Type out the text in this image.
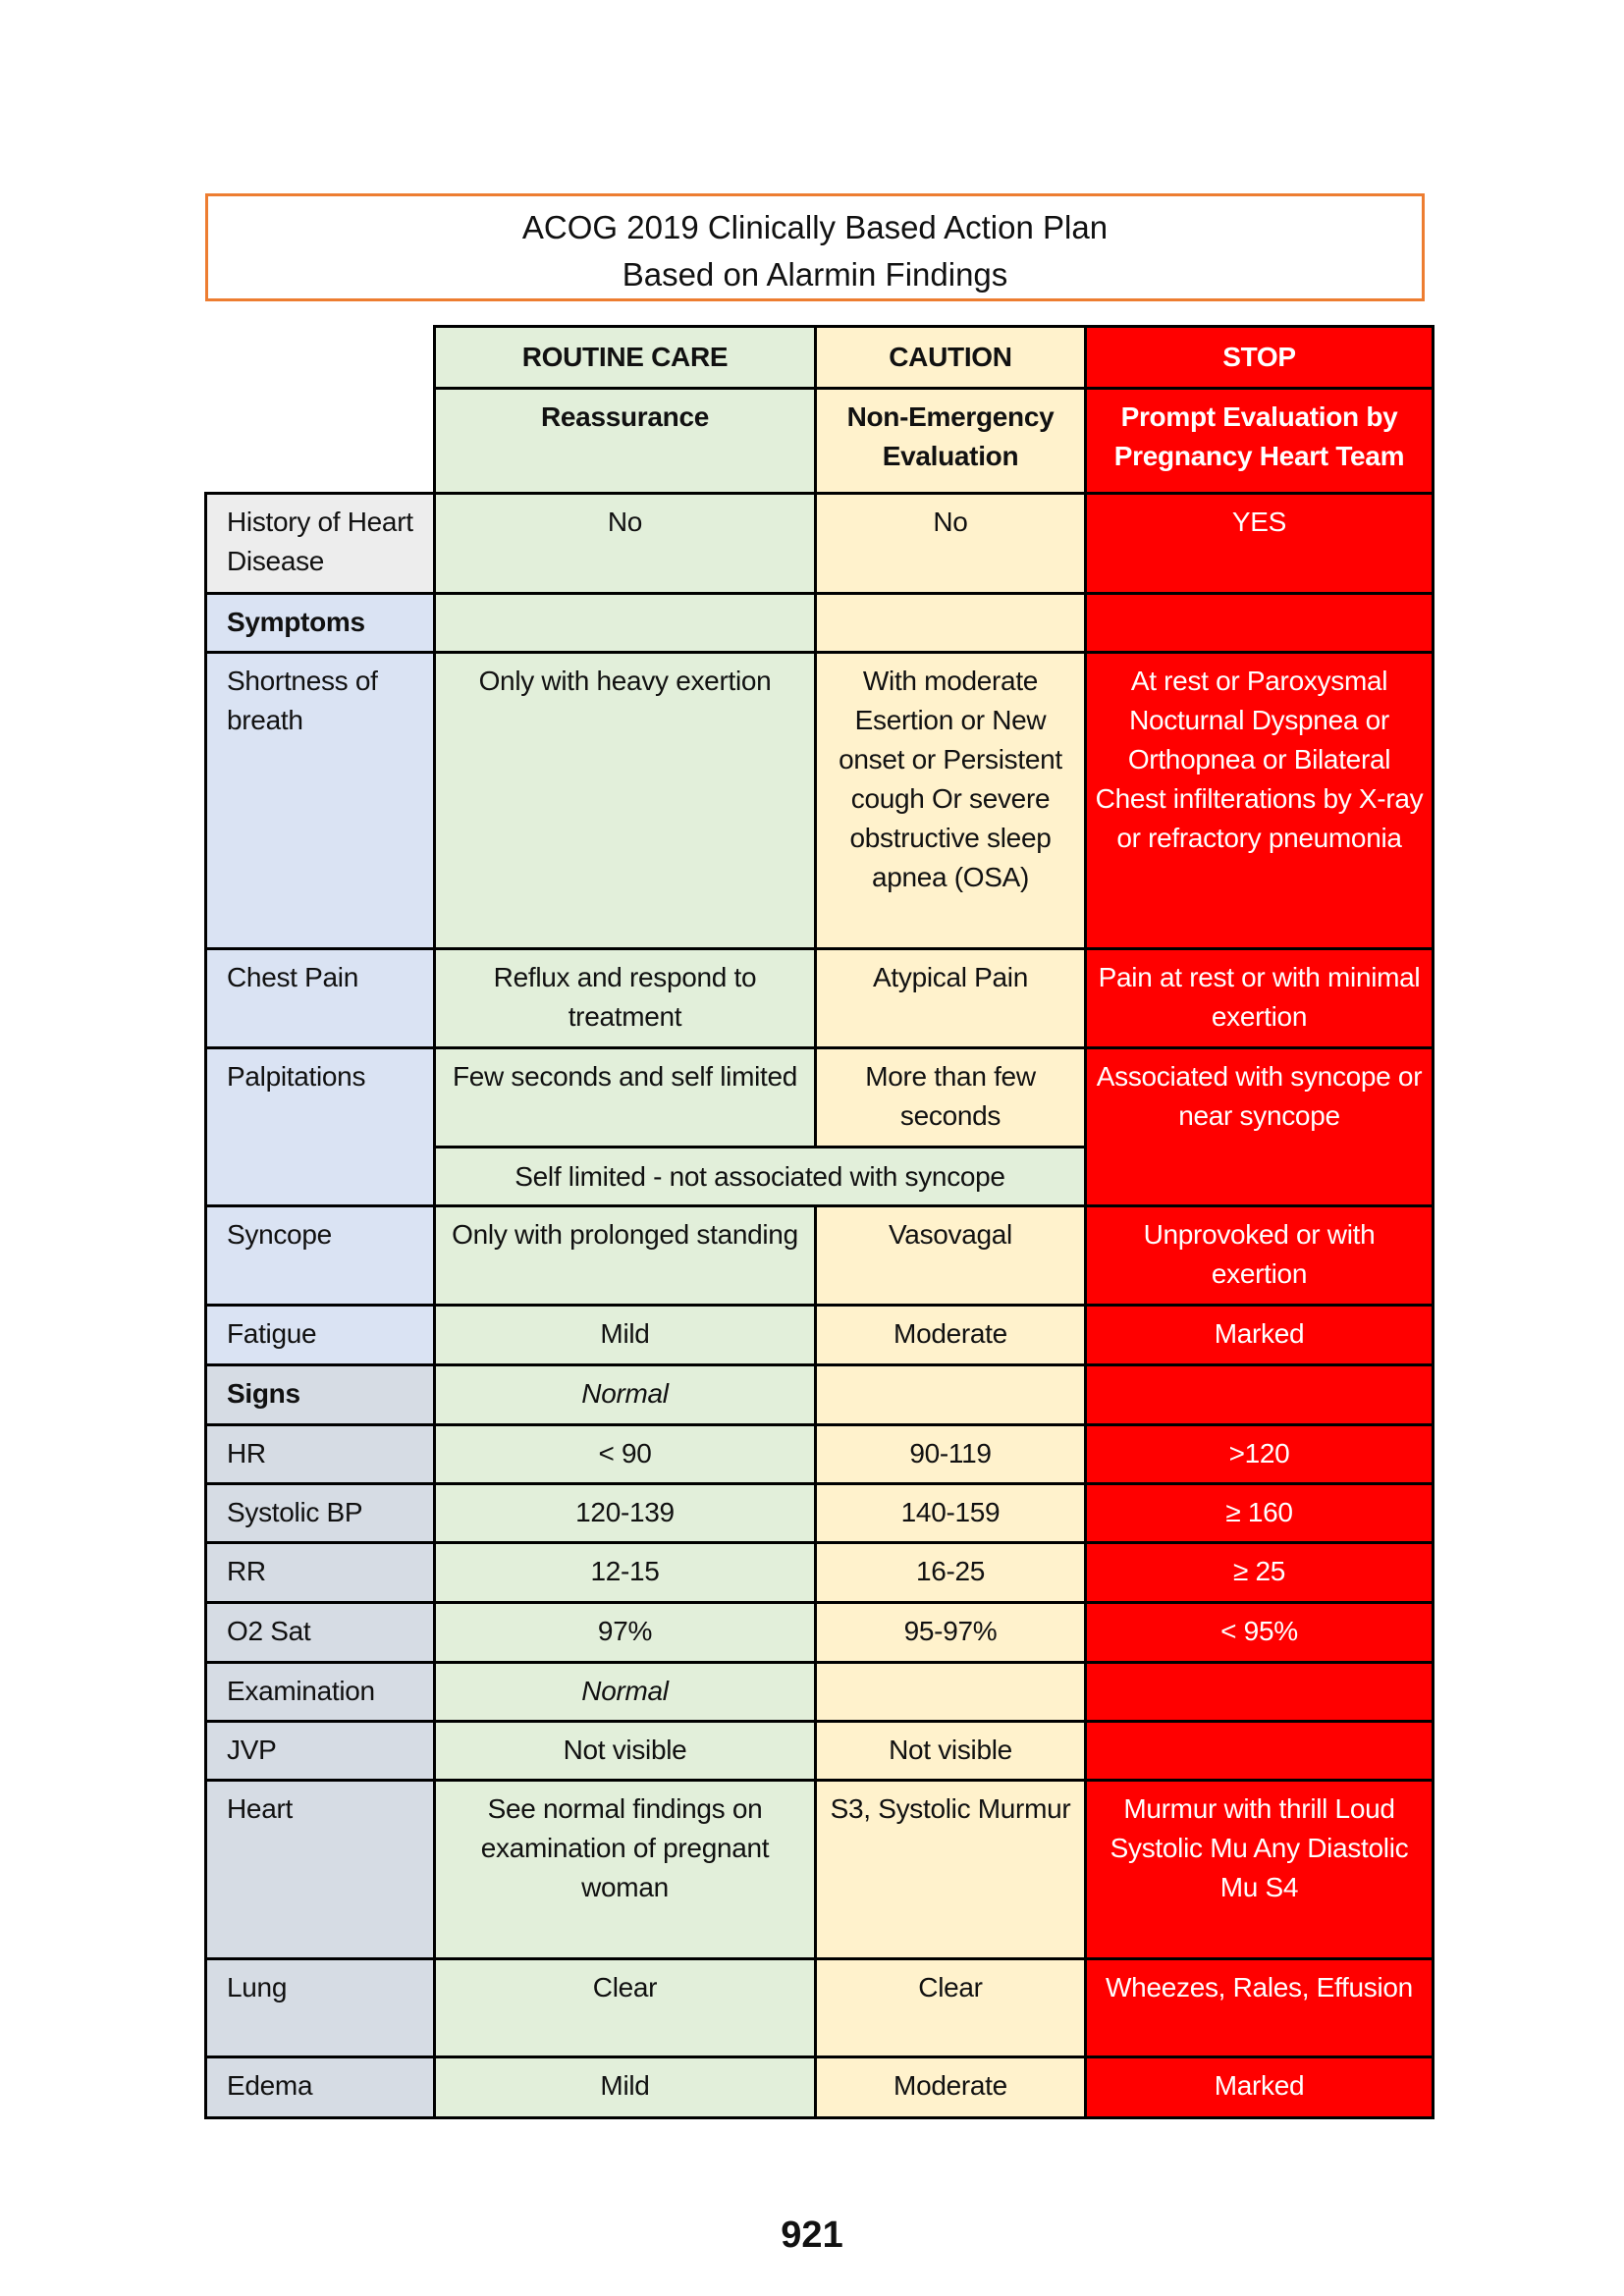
ACOG 2019 Clinically Based Action Plan
Based on Alarmin Findings
	ROUTINE CARE	CAUTION	STOP
	Reassurance	Non-Emergency Evaluation	Prompt Evaluation by Pregnancy Heart Team
History of Heart Disease	No	No	YES
Symptoms			
Shortness of breath	Only with heavy exertion	With moderate Esertion or New onset or Persistent cough Or severe obstructive sleep apnea (OSA)	At rest or Paroxysmal Nocturnal Dyspnea or Orthopnea or Bilateral Chest infilterations by X-ray or refractory pneumonia
Chest Pain	Reflux and respond to treatment	Atypical Pain	Pain at rest or with minimal exertion
Palpitations	Few seconds and self limited	More than few seconds	Associated with syncope or near syncope
	Self limited - not associated with syncope		
Syncope	Only with prolonged standing	Vasovagal	Unprovoked or with exertion
Fatigue	Mild	Moderate	Marked
Signs	Normal		
HR	< 90	90-119	>120
Systolic BP	120-139	140-159	≥ 160
RR	12-15	16-25	≥ 25
O2 Sat	97%	95-97%	< 95%
Examination	Normal		
JVP	Not visible	Not visible	
Heart	See normal findings on examination of pregnant woman	S3, Systolic Murmur	Murmur with thrill Loud Systolic Mu Any Diastolic Mu S4
Lung	Clear	Clear	Wheezes, Rales, Effusion
Edema	Mild	Moderate	Marked
921
